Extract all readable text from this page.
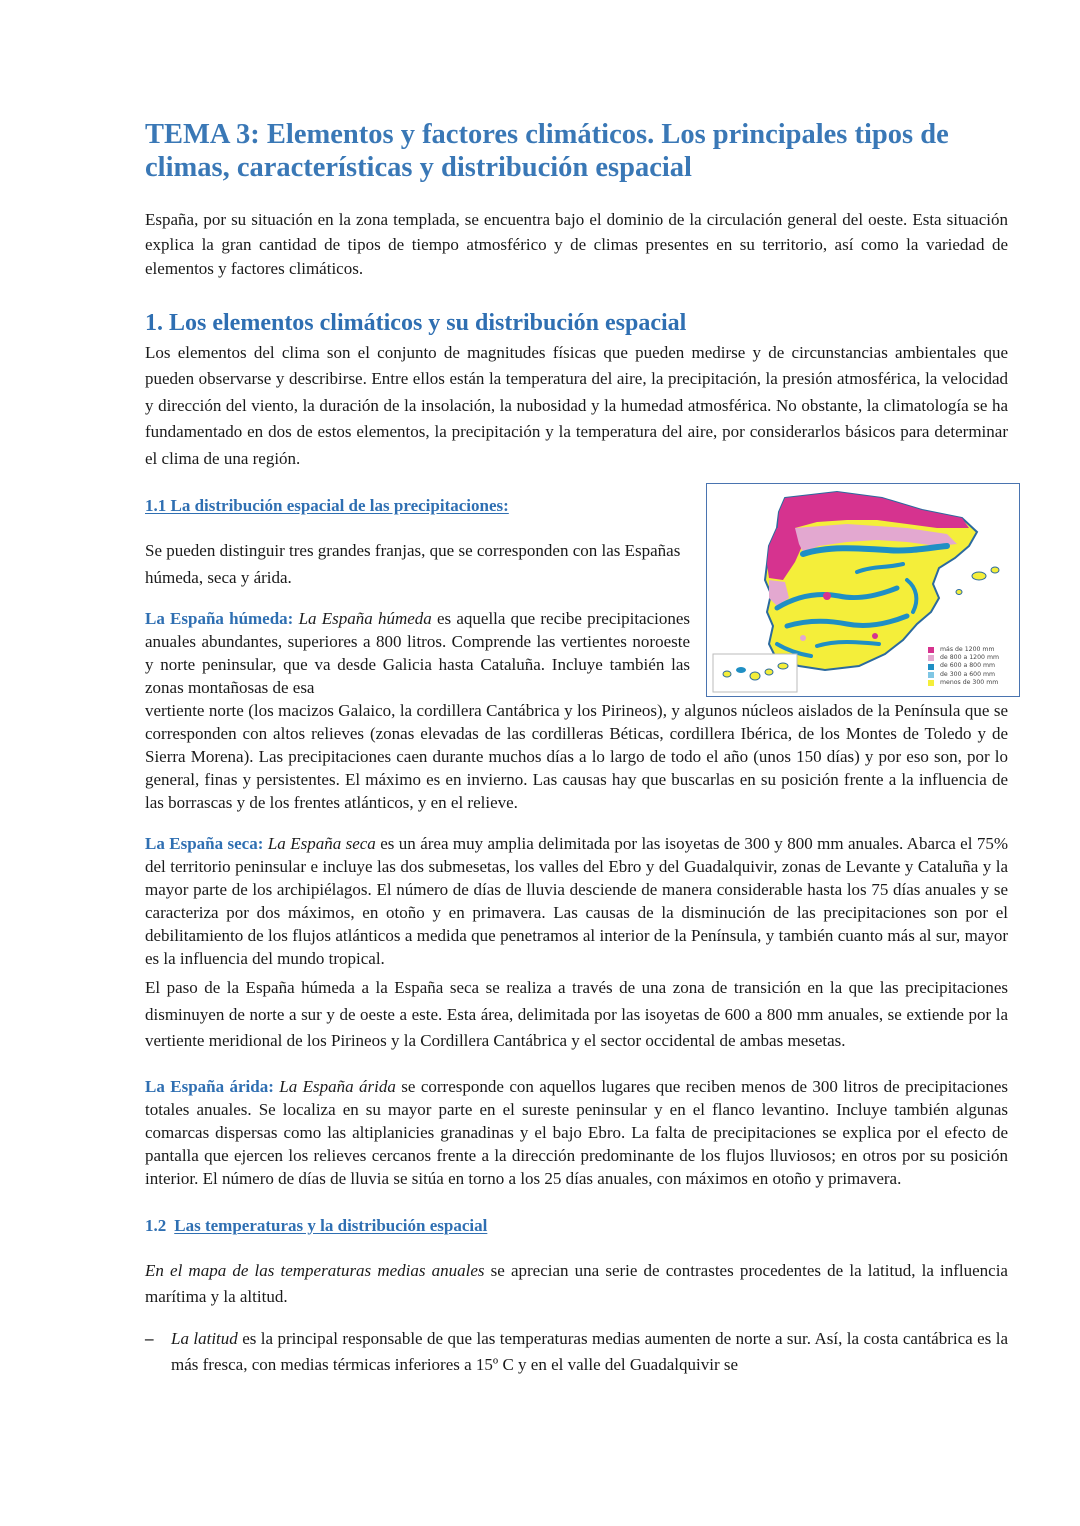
TEMA 3: Elementos y factores climáticos. Los principales tipos de climas, características y distribución espacial

España, por su situación en la zona templada, se encuentra bajo el dominio de la circulación general del oeste. Esta situación explica la gran cantidad de tipos de tiempo atmosférico y de climas presentes en su territorio, así como la variedad de elementos y factores climáticos.

1. Los elementos climáticos y su distribución espacial

Los elementos del clima son el conjunto de magnitudes físicas que pueden medirse y de circunstancias ambientales que pueden observarse y describirse. Entre ellos están la temperatura del aire, la precipitación, la presión atmosférica, la velocidad y dirección del viento, la duración de la insolación, la nubosidad y la humedad atmosférica. No obstante, la climatología se ha fundamentado en dos de estos elementos, la precipitación y la temperatura del aire, por considerarlos básicos para determinar el clima de una región.

1.1 La distribución espacial de las precipitaciones:

Se pueden distinguir tres grandes franjas, que se corresponden con las Españas húmeda, seca y árida.

La España húmeda: La España húmeda es aquella que recibe precipitaciones anuales abundantes, superiores a 800 litros. Comprende las vertientes noroeste y norte peninsular, que va desde Galicia hasta Cataluña. Incluye también las zonas montañosas de esa

vertiente norte (los macizos Galaico, la cordillera Cantábrica y los Pirineos), y algunos núcleos aislados de la Península que se corresponden con altos relieves (zonas elevadas de las cordilleras Béticas, cordillera Ibérica, de los Montes de Toledo y de Sierra Morena). Las precipitaciones caen durante muchos días a lo largo de todo el año (unos 150 días) y por eso son, por lo general, finas y persistentes. El máximo es en invierno. Las causas hay que buscarlas en su posición frente a la influencia de las borrascas y de los frentes atlánticos, y en el relieve.

La España seca: La España seca es un área muy amplia delimitada por las isoyetas de 300 y 800 mm anuales. Abarca el 75% del territorio peninsular e incluye las dos submesetas, los valles del Ebro y del Guadalquivir, zonas de Levante y Cataluña y la mayor parte de los archipiélagos. El número de días de lluvia desciende de manera considerable hasta los 75 días anuales y se caracteriza por dos máximos, en otoño y en primavera. Las causas de la disminución de las precipitaciones son por el debilitamiento de los flujos atlánticos a medida que penetramos al interior de la Península, y también cuanto más al sur, mayor es la influencia del mundo tropical.

El paso de la España húmeda a la España seca se realiza a través de una zona de transición en la que las precipitaciones disminuyen de norte a sur y de oeste a este. Esta área, delimitada por las isoyetas de 600 a 800 mm anuales, se extiende por la vertiente meridional de los Pirineos y la Cordillera Cantábrica y el sector occidental de ambas mesetas.

La España árida: La España árida se corresponde con aquellos lugares que reciben menos de 300 litros de precipitaciones totales anuales. Se localiza en su mayor parte en el sureste peninsular y en el flanco levantino. Incluye también algunas comarcas dispersas como las altiplanicies granadinas y el bajo Ebro. La falta de precipitaciones se explica por el efecto de pantalla que ejercen los relieves cercanos frente a la dirección predominante de los flujos lluviosos; en otros por su posición interior. El número de días de lluvia se sitúa en torno a los 25 días anuales, con máximos en otoño y primavera.

1.2 Las temperaturas y la distribución espacial

En el mapa de las temperaturas medias anuales se aprecian una serie de contrastes procedentes de la latitud, la influencia marítima y la altitud.

– La latitud es la principal responsable de que las temperaturas medias aumenten de norte a sur. Así, la costa cantábrica es la más fresca, con medias térmicas inferiores a 15º C y en el valle del Guadalquivir se
más de 1200 mm
de 800 a 1200 mm
de 600 a 800 mm
de 300 a 600 mm
menos de 300 mm
